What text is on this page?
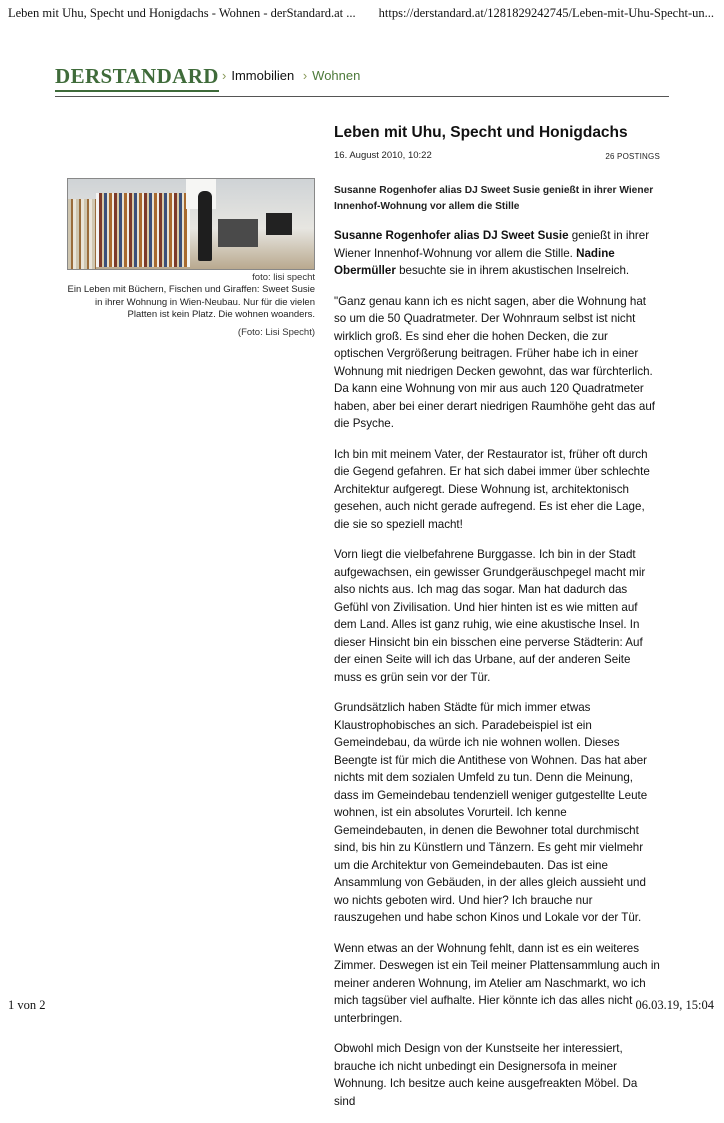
Leben mit Uhu, Specht und Honigdachs - Wohnen - derStandard.at ... https://derstandard.at/1281829242745/Leben-mit-Uhu-Specht-un...
DERSTANDARD › Immobilien › Wohnen
foto: lisi specht
Ein Leben mit Büchern, Fischen und Giraffen: Sweet Susie in ihrer Wohnung in Wien-Neubau. Nur für die vielen Platten ist kein Platz. Die wohnen woanders.
(Foto: Lisi Specht)
Leben mit Uhu, Specht und Honigdachs
16. August 2010, 10:22	26 POSTINGS
Susanne Rogenhofer alias DJ Sweet Susie genießt in ihrer Wiener Innenhof-Wohnung vor allem die Stille

Susanne Rogenhofer alias DJ Sweet Susie genießt in ihrer Wiener Innenhof-Wohnung vor allem die Stille. Nadine Obermüller besuchte sie in ihrem akustischen Inselreich.

"Ganz genau kann ich es nicht sagen, aber die Wohnung hat so um die 50 Quadratmeter. Der Wohnraum selbst ist nicht wirklich groß. Es sind eher die hohen Decken, die zur optischen Vergrößerung beitragen. Früher habe ich in einer Wohnung mit niedrigen Decken gewohnt, das war fürchterlich. Da kann eine Wohnung von mir aus auch 120 Quadratmeter haben, aber bei einer derart niedrigen Raumhöhe geht das auf die Psyche.

Ich bin mit meinem Vater, der Restaurator ist, früher oft durch die Gegend gefahren. Er hat sich dabei immer über schlechte Architektur aufgeregt. Diese Wohnung ist, architektonisch gesehen, auch nicht gerade aufregend. Es ist eher die Lage, die sie so speziell macht!

Vorn liegt die vielbefahrene Burggasse. Ich bin in der Stadt aufgewachsen, ein gewisser Grundgeräuschpegel macht mir also nichts aus. Ich mag das sogar. Man hat dadurch das Gefühl von Zivilisation. Und hier hinten ist es wie mitten auf dem Land. Alles ist ganz ruhig, wie eine akustische Insel. In dieser Hinsicht bin ein bisschen eine perverse Städterin: Auf der einen Seite will ich das Urbane, auf der anderen Seite muss es grün sein vor der Tür.

Grundsätzlich haben Städte für mich immer etwas Klaustrophobisches an sich. Paradebeispiel ist ein Gemeindebau, da würde ich nie wohnen wollen. Dieses Beengte ist für mich die Antithese von Wohnen. Das hat aber nichts mit dem sozialen Umfeld zu tun. Denn die Meinung, dass im Gemeindebau tendenziell weniger gutgestellte Leute wohnen, ist ein absolutes Vorurteil. Ich kenne Gemeindebauten, in denen die Bewohner total durchmischt sind, bis hin zu Künstlern und Tänzern. Es geht mir vielmehr um die Architektur von Gemeindebauten. Das ist eine Ansammlung von Gebäuden, in der alles gleich aussieht und wo nichts geboten wird. Und hier? Ich brauche nur rauszugehen und habe schon Kinos und Lokale vor der Tür.

Wenn etwas an der Wohnung fehlt, dann ist es ein weiteres Zimmer. Deswegen ist ein Teil meiner Plattensammlung auch in meiner anderen Wohnung, im Atelier am Naschmarkt, wo ich mich tagsüber viel aufhalte. Hier könnte ich das alles nicht unterbringen.

Obwohl mich Design von der Kunstseite her interessiert, brauche ich nicht unbedingt ein Designersofa in meiner Wohnung. Ich besitze auch keine ausgefreakten Möbel. Da sind

1 von 2	06.03.19, 15:04
